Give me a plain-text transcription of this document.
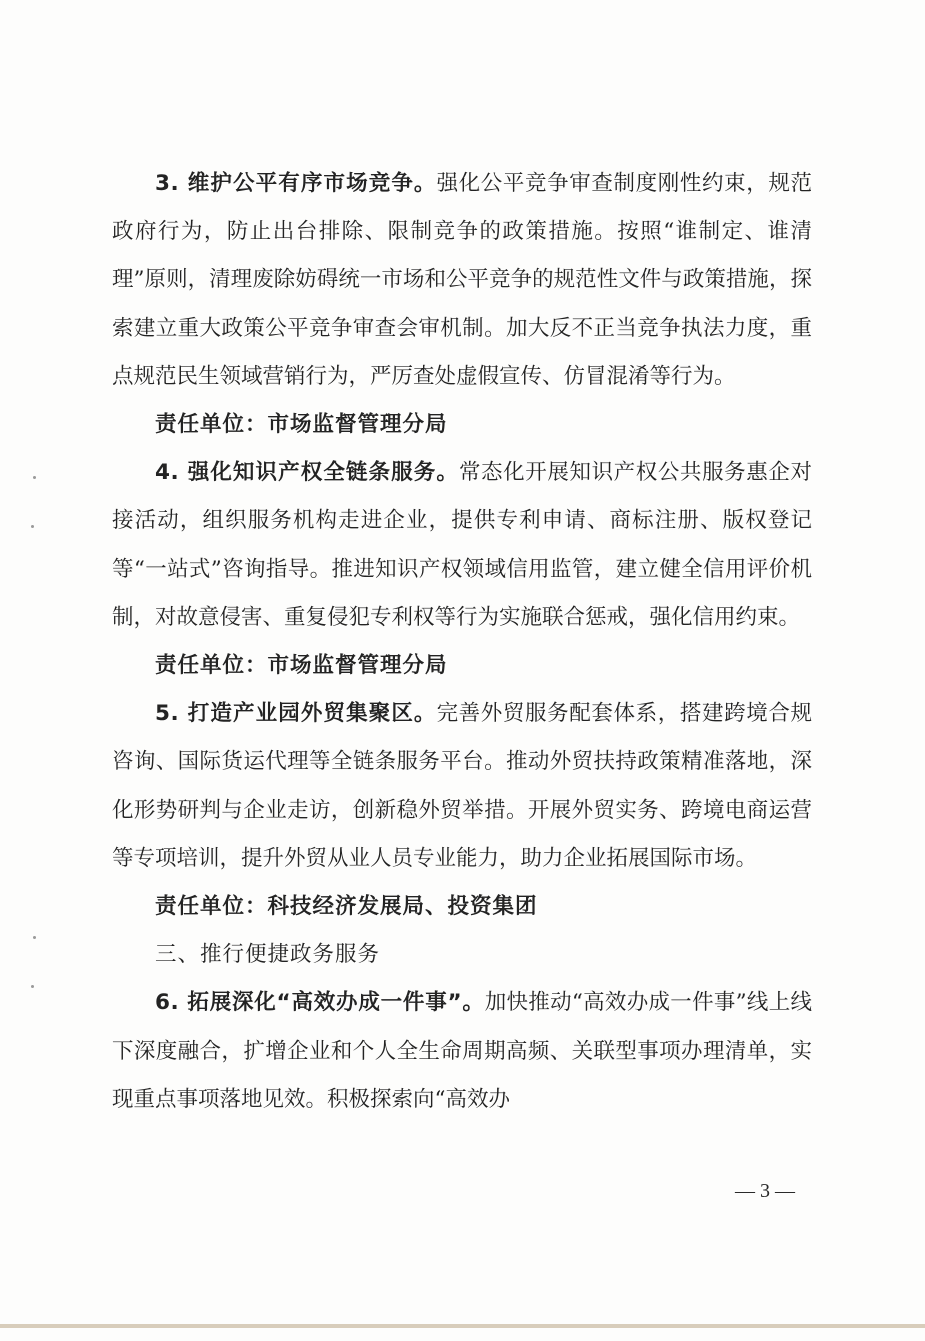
3. 维护公平有序市场竞争。强化公平竞争审查制度刚性约束，规范政府行为，防止出台排除、限制竞争的政策措施。按照“谁制定、谁清理”原则，清理废除妨碍统一市场和公平竞争的规范性文件与政策措施，探索建立重大政策公平竞争审查会审机制。加大反不正当竞争执法力度，重点规范民生领域营销行为，严厉查处虚假宣传、仿冒混淆等行为。

责任单位：市场监督管理分局

4. 强化知识产权全链条服务。常态化开展知识产权公共服务惠企对接活动，组织服务机构走进企业，提供专利申请、商标注册、版权登记等“一站式”咨询指导。推进知识产权领域信用监管，建立健全信用评价机制，对故意侵害、重复侵犯专利权等行为实施联合惩戒，强化信用约束。

责任单位：市场监督管理分局

5. 打造产业园外贸集聚区。完善外贸服务配套体系，搭建跨境合规咨询、国际货运代理等全链条服务平台。推动外贸扶持政策精准落地，深化形势研判与企业走访，创新稳外贸举措。开展外贸实务、跨境电商运营等专项培训，提升外贸从业人员专业能力，助力企业拓展国际市场。

责任单位：科技经济发展局、投资集团

三、推行便捷政务服务

6. 拓展深化“高效办成一件事”。加快推动“高效办成一件事”线上线下深度融合，扩增企业和个人全生命周期高频、关联型事项办理清单，实现重点事项落地见效。积极探索向“高效办

— 3 —
